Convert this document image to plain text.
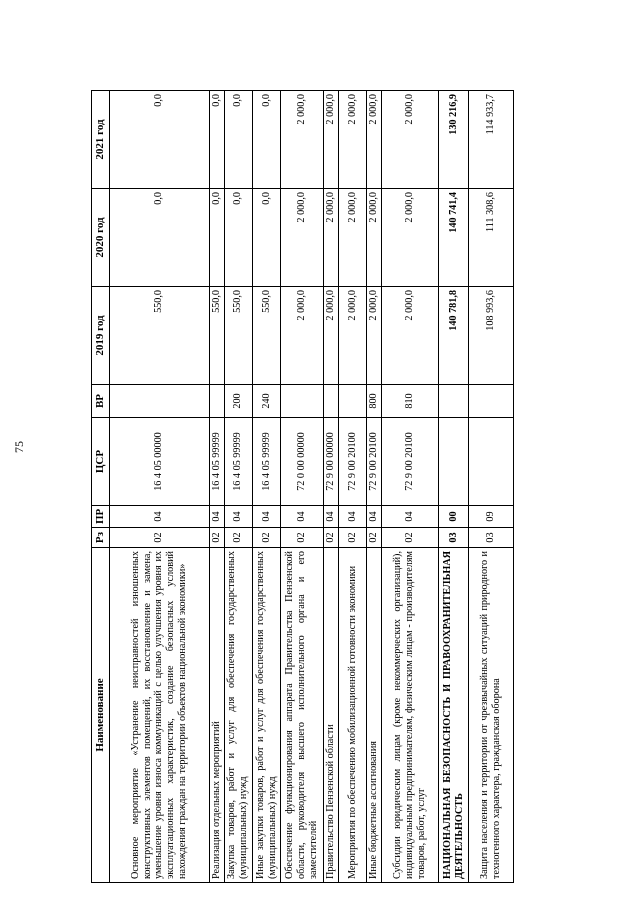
75
Наименование	Рз	ПР	ЦСР	ВР	2019 год	2020 год	2021 год
Основное мероприятие «Устранение неисправностей изношенных конструктивных элементов помещений, их восстановление и замена, уменьшение уровня износа коммуникаций с целью улучшения уровня их эксплуатационных характеристик, создание безопасных условий нахождения граждан на территории объектов национальной экономики»	02	04	16 4 05 00000		550,0	0,0	0,0
Реализация отдельных мероприятий	02	04	16 4 05 99999		550,0	0,0	0,0
Закупка товаров, работ и услуг для обеспечения государственных (муниципальных) нужд	02	04	16 4 05 99999	200	550,0	0,0	0,0
Иные закупки товаров, работ и услуг для обеспечения государственных (муниципальных) нужд	02	04	16 4 05 99999	240	550,0	0,0	0,0
Обеспечение функционирования аппарата Правительства Пензенской области, руководителя высшего исполнительного органа и его заместителей	02	04	72 0 00 00000		2 000,0	2 000,0	2 000,0
Правительство Пензенской области	02	04	72 9 00 00000		2 000,0	2 000,0	2 000,0
Мероприятия по обеспечению мобилизационной готовности экономики	02	04	72 9 00 20100		2 000,0	2 000,0	2 000,0
Иные бюджетные ассигнования	02	04	72 9 00 20100	800	2 000,0	2 000,0	2 000,0
Субсидии юридическим лицам (кроме некоммерческих организаций), индивидуальным предпринимателям, физическим лицам - производителям товаров, работ, услуг	02	04	72 9 00 20100	810	2 000,0	2 000,0	2 000,0
НАЦИОНАЛЬНАЯ БЕЗОПАСНОСТЬ И ПРАВООХРАНИТЕЛЬНАЯ ДЕЯТЕЛЬНОСТЬ	03	00			140 781,8	140 741,4	130 216,9
Защита населения и территории от чрезвычайных ситуаций природного и техногенного характера, гражданская оборона	03	09			108 993,6	111 308,6	114 933,7
